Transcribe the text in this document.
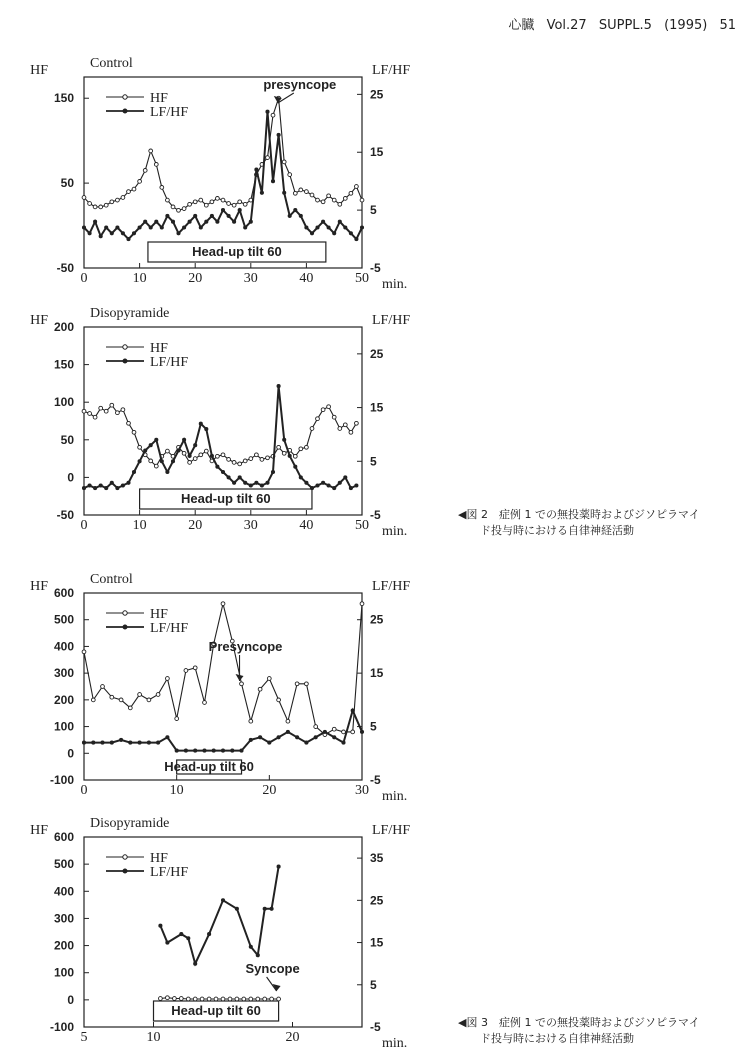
心臓 Vol.27 SUPPL.5 (1995) 51
Control
HF	LF/HF
min.
0	10	20	30	40	50
-50
50
150
-5
5
15
25
HF
LF/HF
Head-up tilt 60
presyncope
Disopyramide
HF	LF/HF
min.
0	10	20	30	40	50
-50
0
50
100
150
200
-5
5
15
25
HF
LF/HF
Head-up tilt 60
Control
HF	LF/HF
min.
0	10	20	30
-100
0
100
200
300
400
500
600
-5
5
15
25
HF
LF/HF
Head-up tilt 60
Presyncope
Disopyramide
HF	LF/HF
min.
5	10	20
-100
0
100
200
300
400
500
600
-5
5
15
25
35
HF
LF/HF
Head-up tilt 60
Syncope
◀図 2　症例 1 での無投薬時およびジソピラマイ
ド投与時における自律神経活動
◀図 3　症例 1 での無投薬時およびジソピラマイ
ド投与時における自律神経活動
